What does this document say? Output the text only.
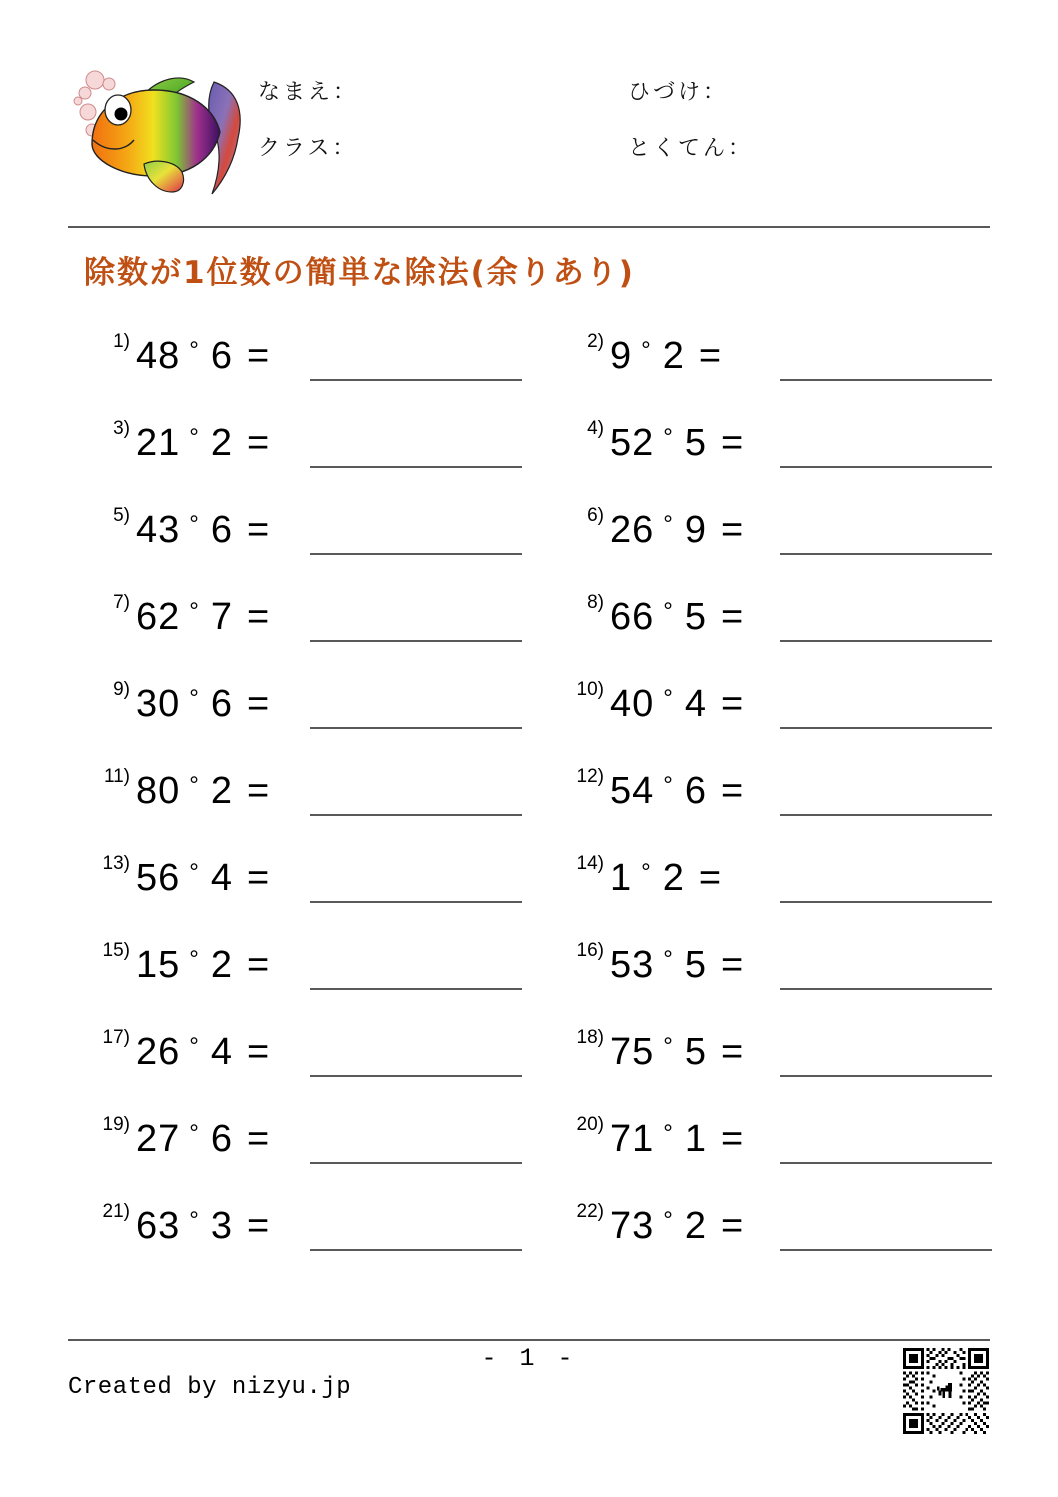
なまえ：	ひづけ：
クラス：	とくてん：
除数が1位数の簡単な除法(余りあり)
1) 48 ° 6 =	2) 9 ° 2 =
3) 21 ° 2 =	4) 52 ° 5 =
5) 43 ° 6 =	6) 26 ° 9 =
7) 62 ° 7 =	8) 66 ° 5 =
9) 30 ° 6 =	10) 40 ° 4 =
11) 80 ° 2 =	12) 54 ° 6 =
13) 56 ° 4 =	14) 1 ° 2 =
15) 15 ° 2 =	16) 53 ° 5 =
17) 26 ° 4 =	18) 75 ° 5 =
19) 27 ° 6 =	20) 71 ° 1 =
21) 63 ° 3 =	22) 73 ° 2 =
- 1 -
Created by nizyu.jp
